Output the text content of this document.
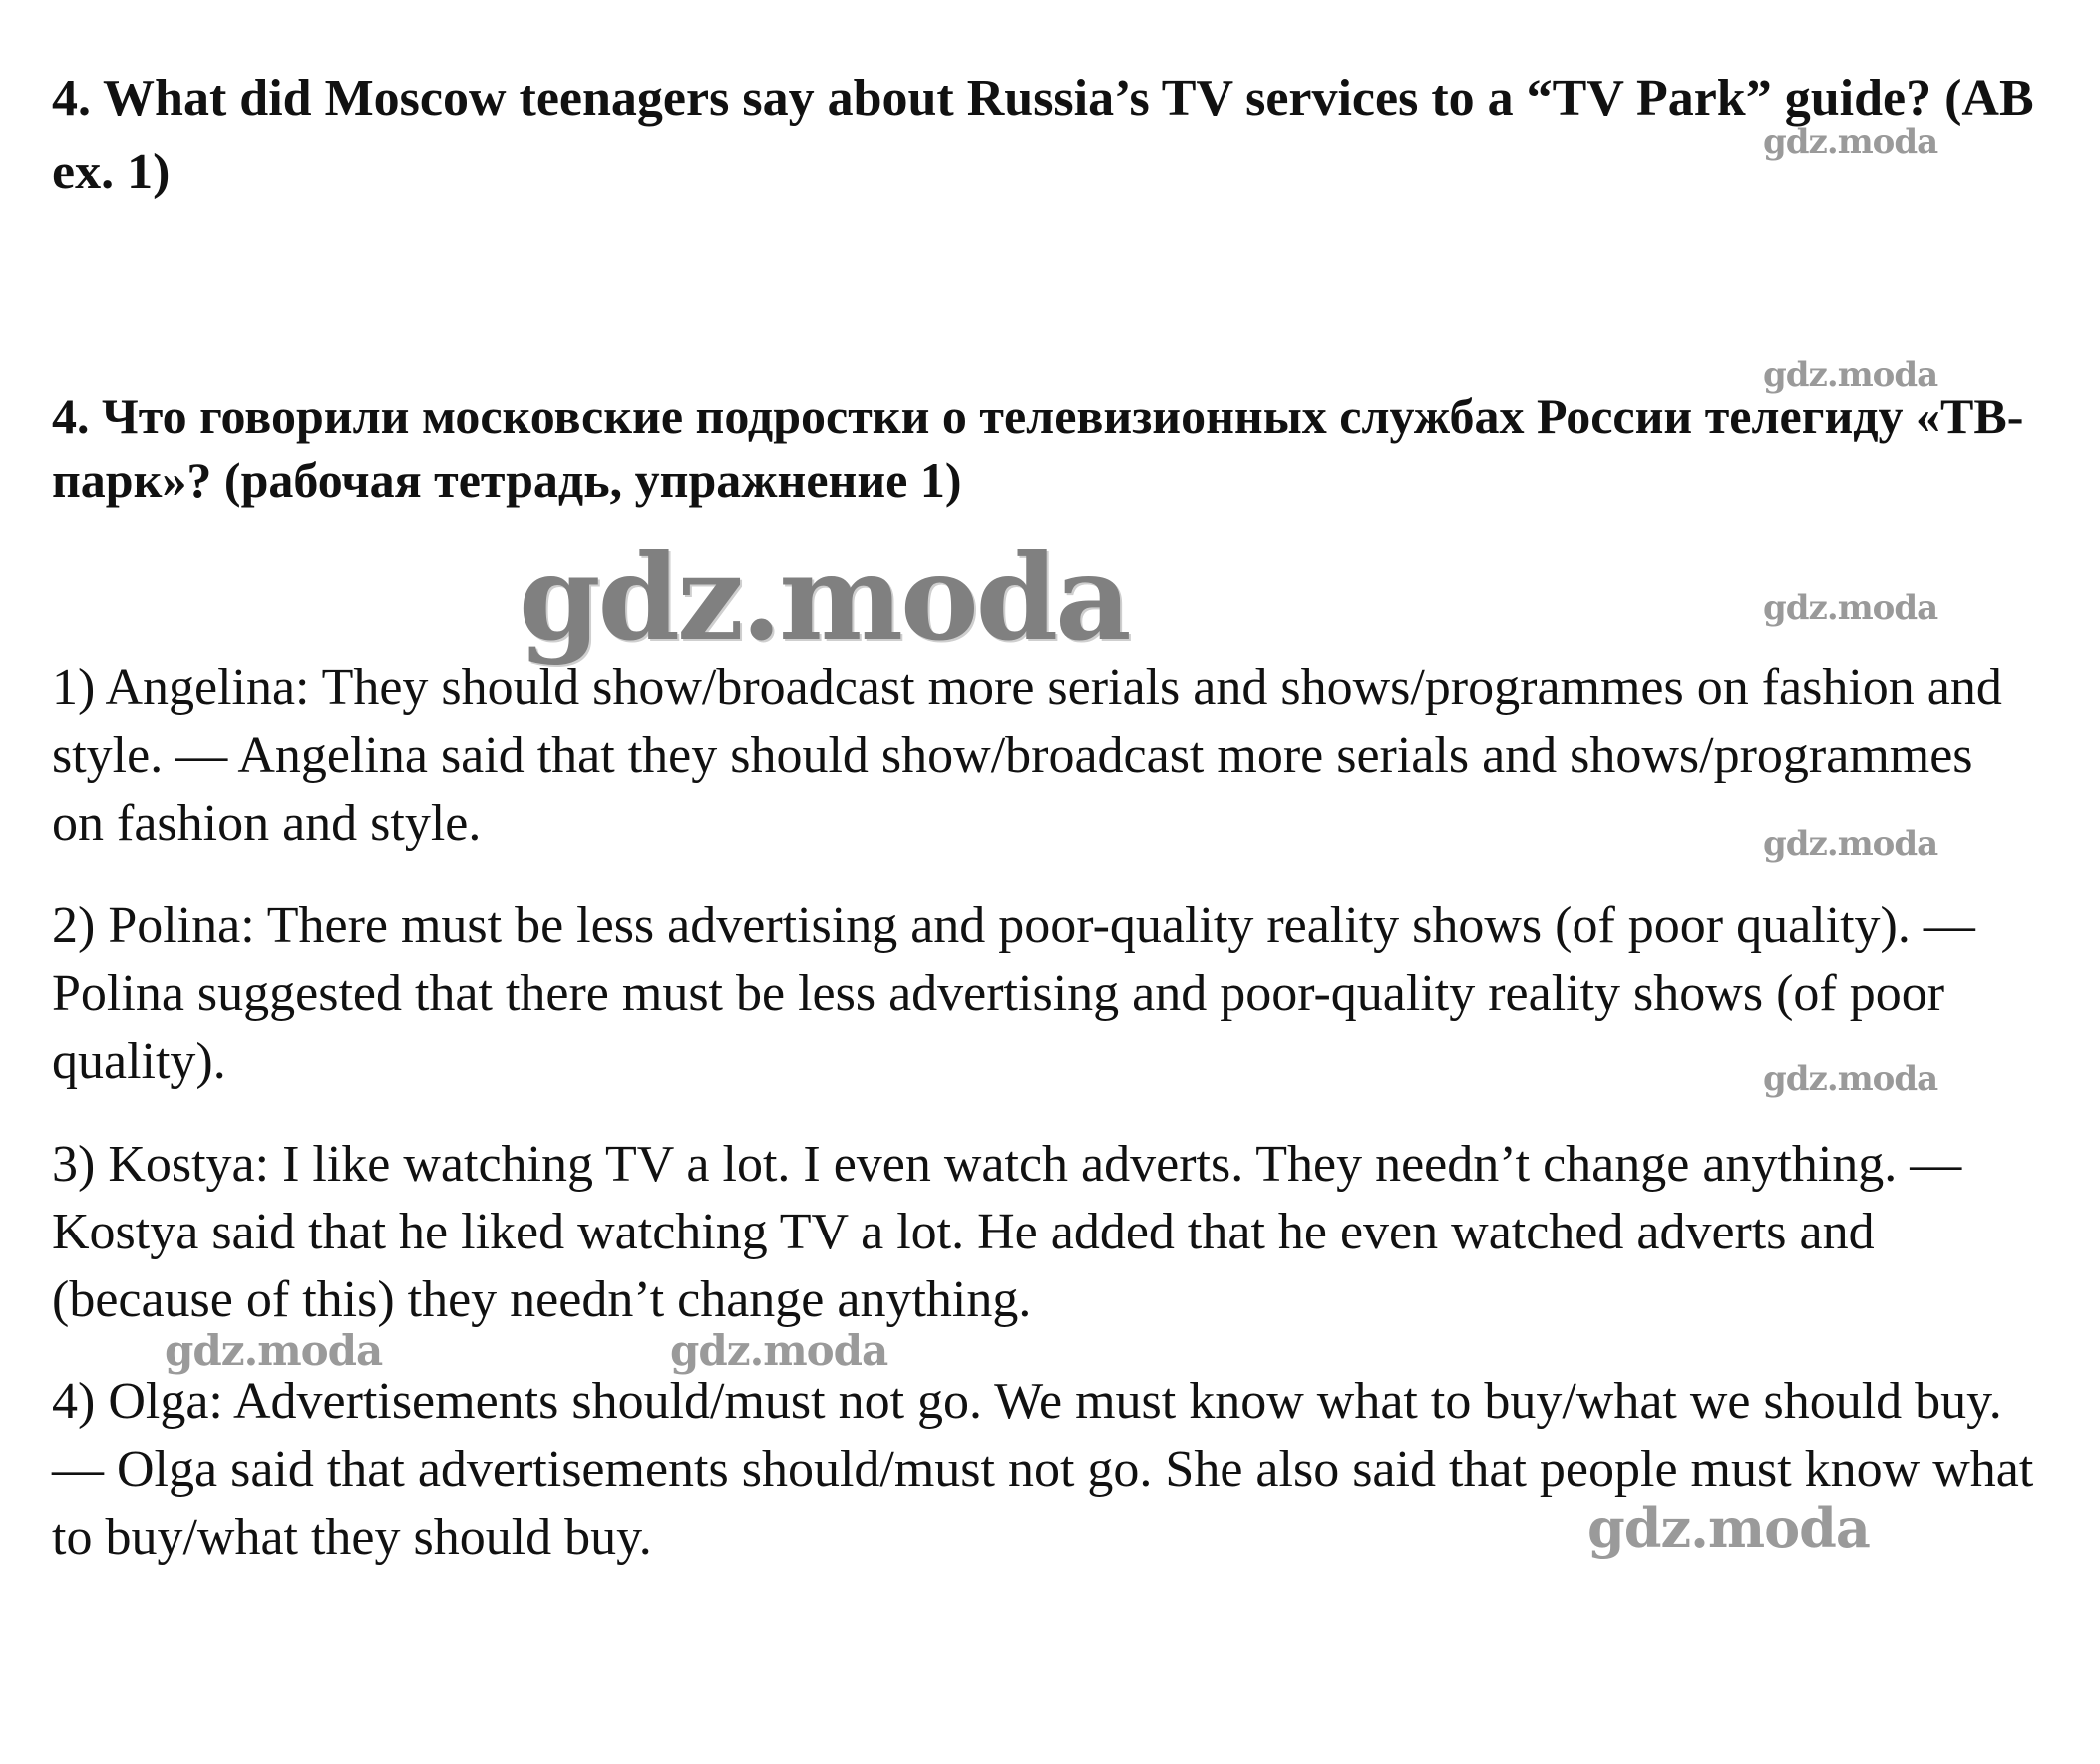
4. What did Moscow teenagers say about Russia’s TV services to a “TV Park” guide? (AB ex. 1)

4. Что говорили московские подростки о телевизионных службах России телегиду «ТВ-парк»? (рабочая тетрадь, упражнение 1)

1) Angelina: They should show/broadcast more serials and shows/programmes on fashion and style. — Angelina said that they should show/broadcast more serials and shows/programmes on fashion and style.

2) Polina: There must be less advertising and poor-quality reality shows (of poor quality). — Polina suggested that there must be less advertising and poor-quality reality shows (of poor quality).

3) Kostya: I like watching TV a lot. I even watch adverts. They needn’t change anything. — Kostya said that he liked watching TV a lot. He added that he even watched adverts and (because of this) they needn’t change anything.

4) Olga: Advertisements should/must not go. We must know what to buy/what we should buy. — Olga said that advertisements should/must not go. She also said that people must know what to buy/what they should buy.

gdz.moda
gdz.moda
gdz.moda	gdz.moda
gdz.moda
gdz.moda
gdz.moda	gdz.moda
gdz.moda
